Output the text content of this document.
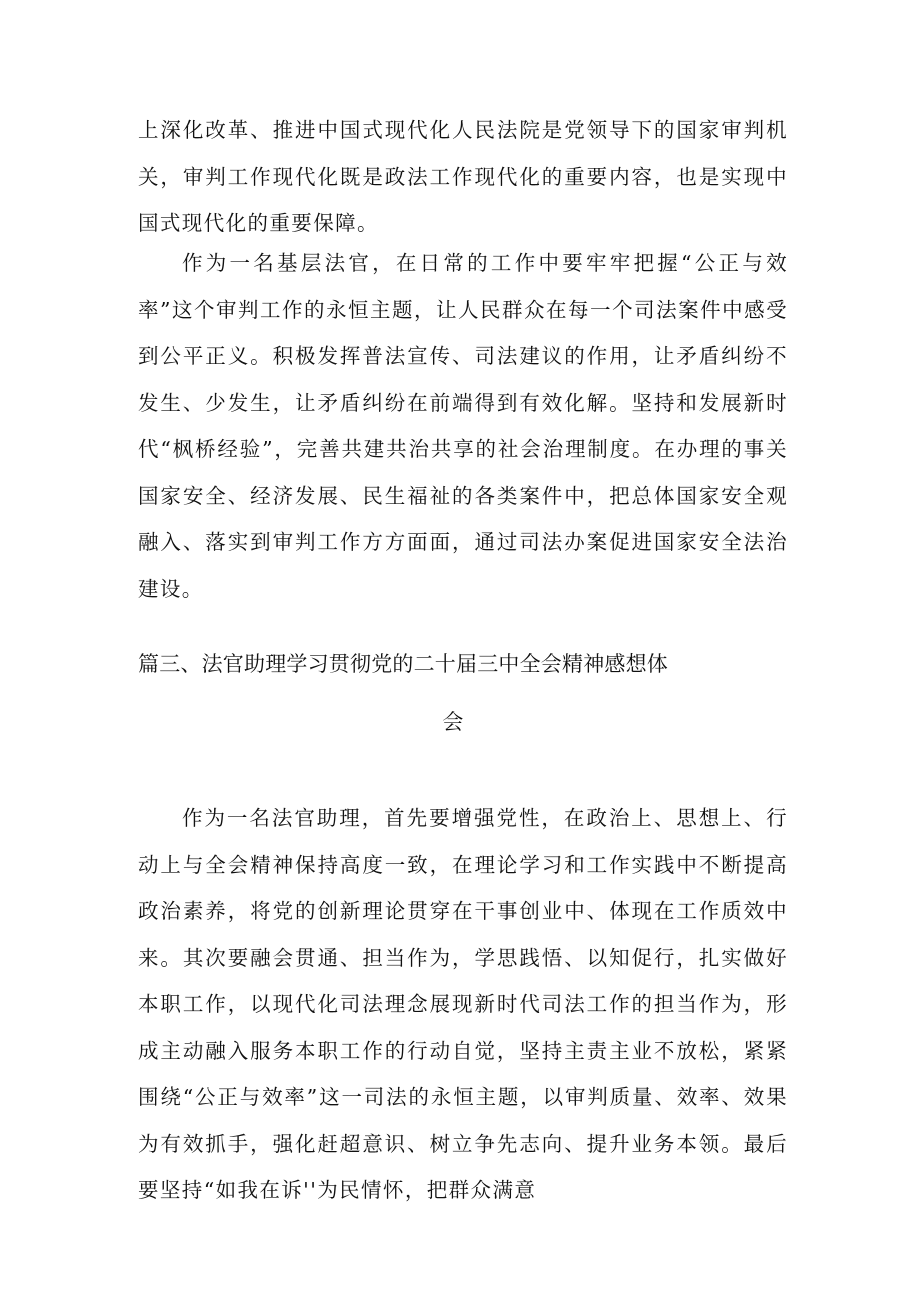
上深化改革、推进中国式现代化人民法院是党领导下的国家审判机关，审判工作现代化既是政法工作现代化的重要内容，也是实现中国式现代化的重要保障。

作为一名基层法官，在日常的工作中要牢牢把握“公正与效率”这个审判工作的永恒主题，让人民群众在每一个司法案件中感受到公平正义。积极发挥普法宣传、司法建议的作用，让矛盾纠纷不发生、少发生，让矛盾纠纷在前端得到有效化解。坚持和发展新时代“枫桥经验”，完善共建共治共享的社会治理制度。在办理的事关国家安全、经济发展、民生福祉的各类案件中，把总体国家安全观融入、落实到审判工作方方面面，通过司法办案促进国家安全法治建设。

篇三、法官助理学习贯彻党的二十届三中全会精神感想体
会

作为一名法官助理，首先要增强党性，在政治上、思想上、行动上与全会精神保持高度一致，在理论学习和工作实践中不断提高政治素养，将党的创新理论贯穿在干事创业中、体现在工作质效中来。其次要融会贯通、担当作为，学思践悟、以知促行，扎实做好本职工作，以现代化司法理念展现新时代司法工作的担当作为，形成主动融入服务本职工作的行动自觉，坚持主责主业不放松，紧紧围绕“公正与效率”这一司法的永恒主题，以审判质量、效率、效果为有效抓手，强化赶超意识、树立争先志向、提升业务本领。最后要坚持“如我在诉''为民情怀，把群众满意
